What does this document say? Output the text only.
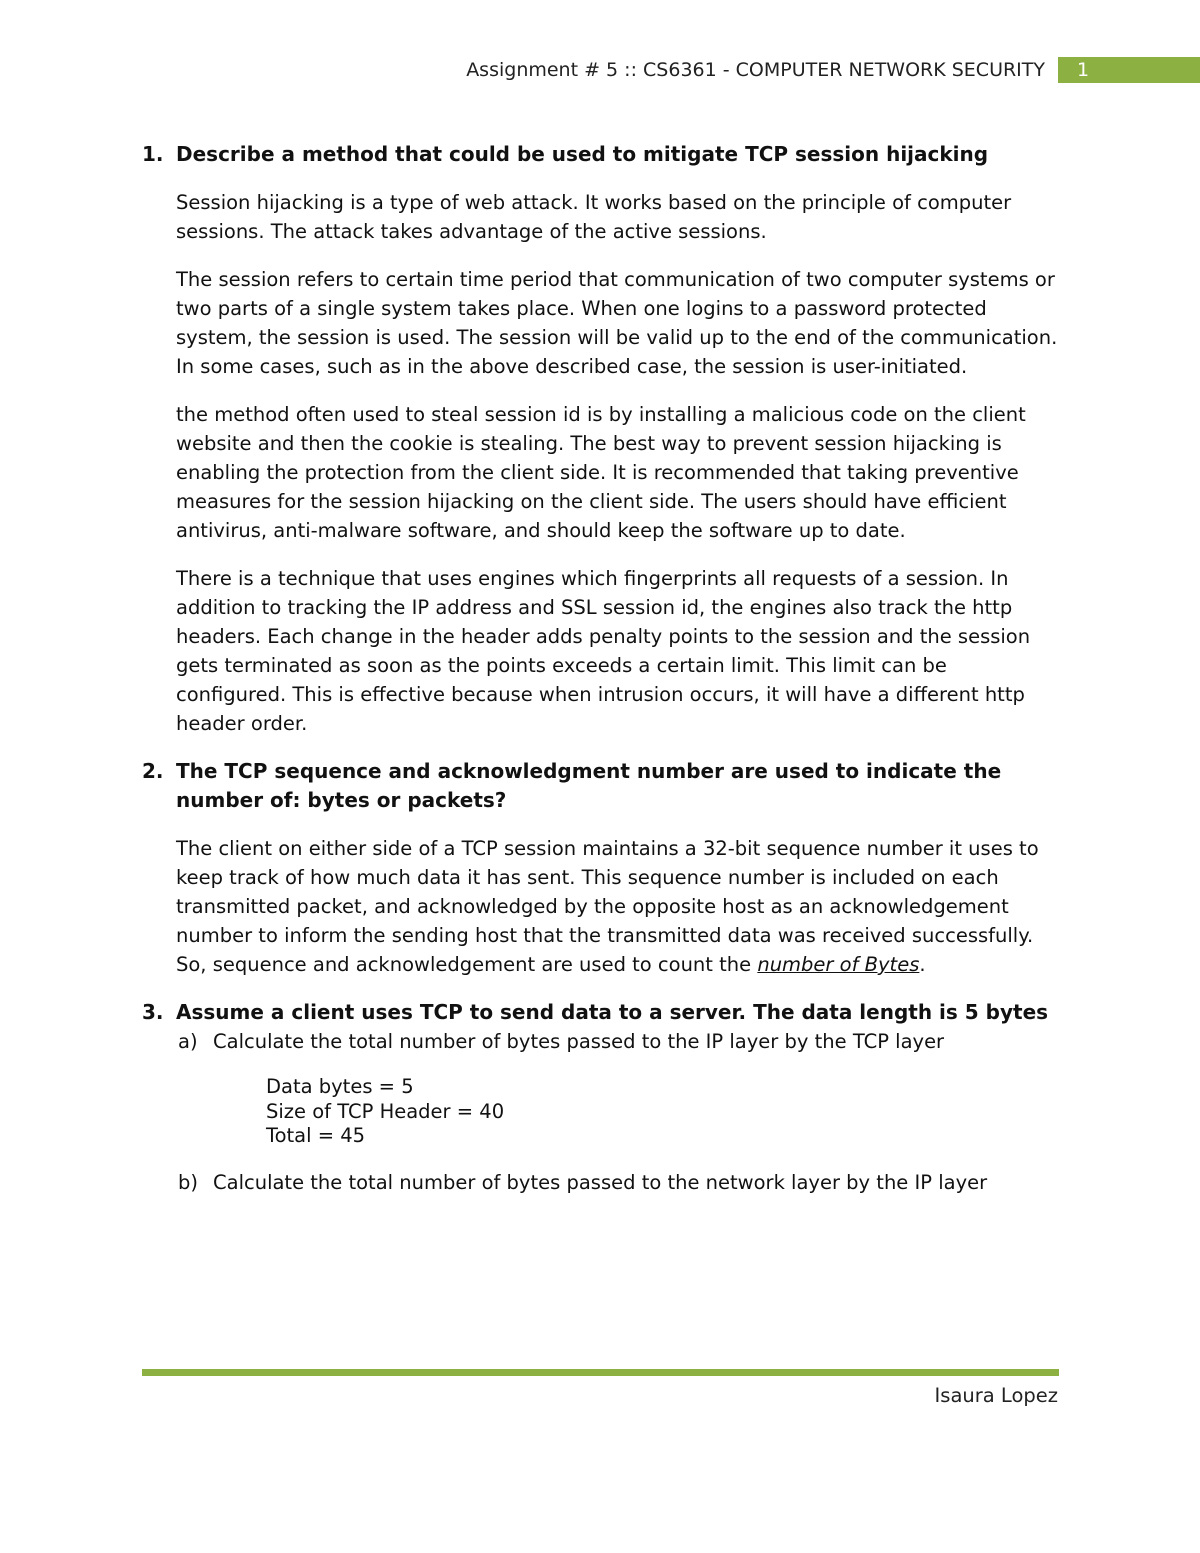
Assignment # 5 :: CS6361 - COMPUTER NETWORK SECURITY	1
1. Describe a method that could be used to mitigate TCP session hijacking

Session hijacking is a type of web attack. It works based on the principle of computer sessions. The attack takes advantage of the active sessions.

The session refers to certain time period that communication of two computer systems or two parts of a single system takes place. When one logins to a password protected system, the session is used. The session will be valid up to the end of the communication. In some cases, such as in the above described case, the session is user-initiated.

the method often used to steal session id is by installing a malicious code on the client website and then the cookie is stealing. The best way to prevent session hijacking is enabling the protection from the client side. It is recommended that taking preventive measures for the session hijacking on the client side. The users should have efficient antivirus, anti-malware software, and should keep the software up to date.

There is a technique that uses engines which fingerprints all requests of a session. In addition to tracking the IP address and SSL session id, the engines also track the http headers. Each change in the header adds penalty points to the session and the session gets terminated as soon as the points exceeds a certain limit. This limit can be configured. This is effective because when intrusion occurs, it will have a different http header order.

2. The TCP sequence and acknowledgment number are used to indicate the number of: bytes or packets?

The client on either side of a TCP session maintains a 32-bit sequence number it uses to keep track of how much data it has sent. This sequence number is included on each transmitted packet, and acknowledged by the opposite host as an acknowledgement number to inform the sending host that the transmitted data was received successfully. So, sequence and acknowledgement are used to count the number of Bytes.

3. Assume a client uses TCP to send data to a server. The data length is 5 bytes

a) Calculate the total number of bytes passed to the IP layer by the TCP layer
Data bytes = 5
Size of TCP Header = 40
Total = 45
b) Calculate the total number of bytes passed to the network layer by the IP layer
Isaura Lopez
